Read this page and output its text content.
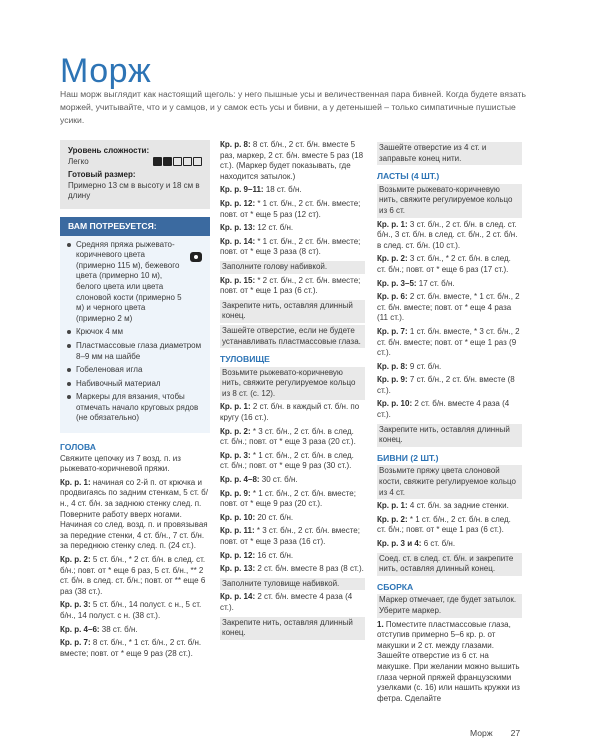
Морж

Наш морж выглядит как настоящий щеголь: у него пышные усы и величественная пара бивней. Когда будете вязать моржей, учитывайте, что и у самцов, и у самок есть усы и бивни, а у детенышей – только симпатичные пушистые усики.

Уровень сложности:
Легко
Готовый размер:
Примерно 13 см в высоту и 18 см в длину
ВАМ ПОТРЕБУЕТСЯ:
Средняя пряжа рыжевато-коричневого цвета (примерно 115 м), бежевого цвета (примерно 10 м), белого цвета или цвета слоновой кости (примерно 5 м) и черного цвета (примерно 2 м)
Крючок 4 мм
Пластмассовые глаза диаметром 8–9 мм на шайбе
Гобеленовая игла
Набивочный материал
Маркеры для вязания, чтобы отмечать начало круговых рядов (не обязательно)
ГОЛОВА
Свяжите цепочку из 7 возд. п. из рыжевато-коричневой пряжи.
Кр. р. 1: начиная со 2-й п. от крючка и продвигаясь по задним стенкам, 5 ст. б/н., 4 ст. б/н. за заднюю стенку след. п. Поверните работу вверх ногами. Начиная со след. возд. п. и провязывая за передние стенки, 4 ст. б/н., 7 ст. б/н. за переднюю стенку след. п. (24 ст.).
Кр. р. 2: 5 ст. б/н., * 2 ст. б/н. в след. ст. б/н.; повт. от * еще 6 раз, 5 ст. б/н., ** 2 ст. б/н. в след. ст. б/н.; повт. от ** еще 6 раз (38 ст.).
Кр. р. 3: 5 ст. б/н., 14 полуст. с н., 5 ст. б/н., 14 полуст. с н. (38 ст.).
Кр. р. 4–6: 38 ст. б/н.
Кр. р. 7: 8 ст. б/н., * 1 ст. б/н., 2 ст. б/н. вместе; повт. от * еще 9 раз (28 ст.).
Кр. р. 8: 8 ст. б/н., 2 ст. б/н. вместе 5 раз, маркер, 2 ст. б/н. вместе 5 раз (18 ст.). (Маркер будет показывать, где находится затылок.)
Кр. р. 9–11: 18 ст. б/н.
Кр. р. 12: * 1 ст. б/н., 2 ст. б/н. вместе; повт. от * еще 5 раз (12 ст).
Кр. р. 13: 12 ст. б/н.
Кр. р. 14: * 1 ст. б/н., 2 ст. б/н. вместе; повт. от * еще 3 раза (8 ст).
Заполните голову набивкой.
Кр. р. 15: * 2 ст. б/н., 2 ст. б/н. вместе; повт. от * еще 1 раз (6 ст.).
Закрепите нить, оставляя длинный конец.
Зашейте отверстие, если не будете устанавливать пластмассовые глаза.
ТУЛОВИЩЕ
Возьмите рыжевато-коричневую нить, свяжите регулируемое кольцо из 8 ст. (с. 12).
Кр. р. 1: 2 ст. б/н. в каждый ст. б/н. по кругу (16 ст.).
Кр. р. 2: * 3 ст. б/н., 2 ст. б/н. в след. ст. б/н.; повт. от * еще 3 раза (20 ст.).
Кр. р. 3: * 1 ст. б/н., 2 ст. б/н. в след. ст. б/н.; повт. от * еще 9 раз (30 ст.).
Кр. р. 4–8: 30 ст. б/н.
Кр. р. 9: * 1 ст. б/н., 2 ст. б/н. вместе; повт. от * еще 9 раз (20 ст.).
Кр. р. 10: 20 ст. б/н.
Кр. р. 11: * 3 ст. б/н., 2 ст. б/н. вместе; повт. от * еще 3 раза (16 ст).
Кр. р. 12: 16 ст. б/н.
Кр. р. 13: 2 ст. б/н. вместе 8 раз (8 ст.).
Заполните туловище набивкой.
Кр. р. 14: 2 ст. б/н. вместе 4 раза (4 ст.).
Закрепите нить, оставляя длинный конец.
Зашейте отверстие из 4 ст. и заправьте конец нити.
ЛАСТЫ (4 ШТ.)
Возьмите рыжевато-коричневую нить, свяжите регулируемое кольцо из 6 ст.
Кр. р. 1: 3 ст. б/н., 2 ст. б/н. в след. ст. б/н., 3 ст. б/н. в след. ст. б/н., 2 ст. б/н. в след. ст. б/н. (10 ст.).
Кр. р. 2: 3 ст. б/н., * 2 ст. б/н. в след. ст. б/н.; повт. от * еще 6 раз (17 ст.).
Кр. р. 3–5: 17 ст. б/н.
Кр. р. 6: 2 ст. б/н. вместе, * 1 ст. б/н., 2 ст. б/н. вместе; повт. от * еще 4 раза (11 ст.).
Кр. р. 7: 1 ст. б/н. вместе, * 3 ст. б/н., 2 ст. б/н. вместе; повт. от * еще 1 раз (9 ст.).
Кр. р. 8: 9 ст. б/н.
Кр. р. 9: 7 ст. б/н., 2 ст. б/н. вместе (8 ст.).
Кр. р. 10: 2 ст. б/н. вместе 4 раза (4 ст.).
Закрепите нить, оставляя длинный конец.
БИВНИ (2 ШТ.)
Возьмите пряжу цвета слоновой кости, свяжите регулируемое кольцо из 4 ст.
Кр. р. 1: 4 ст. б/н. за задние стенки.
Кр. р. 2: * 1 ст. б/н., 2 ст. б/н. в след. ст. б/н.; повт. от * еще 1 раз (6 ст.).
Кр. р. 3 и 4: 6 ст. б/н.
Соед. ст. в след. ст. б/н. и закрепите нить, оставляя длинный конец.
СБОРКА
Маркер отмечает, где будет затылок. Уберите маркер.
1. Поместите пластмассовые глаза, отступив примерно 5–6 кр. р. от макушки и 2 ст. между глазами. Зашейте отверстие из 6 ст. на макушке. При желании можно вышить глаза черной пряжей французскими узелками (с. 16) или нашить кружки из фетра. Сделайте
Морж 27
